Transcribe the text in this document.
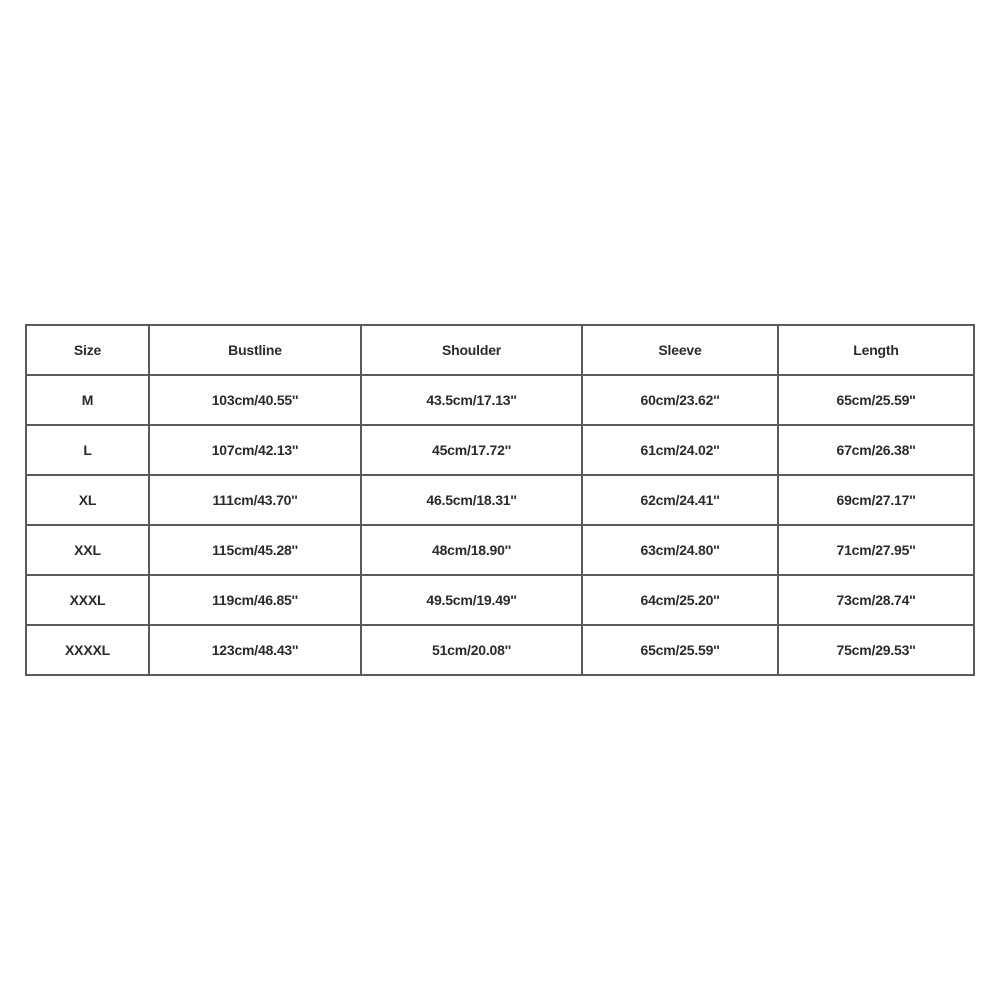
Size	Bustline	Shoulder	Sleeve	Length
M	103cm/40.55''	43.5cm/17.13''	60cm/23.62''	65cm/25.59''
L	107cm/42.13''	45cm/17.72''	61cm/24.02''	67cm/26.38''
XL	111cm/43.70''	46.5cm/18.31''	62cm/24.41''	69cm/27.17''
XXL	115cm/45.28''	48cm/18.90''	63cm/24.80''	71cm/27.95''
XXXL	119cm/46.85''	49.5cm/19.49''	64cm/25.20''	73cm/28.74''
XXXXL	123cm/48.43''	51cm/20.08''	65cm/25.59''	75cm/29.53''
